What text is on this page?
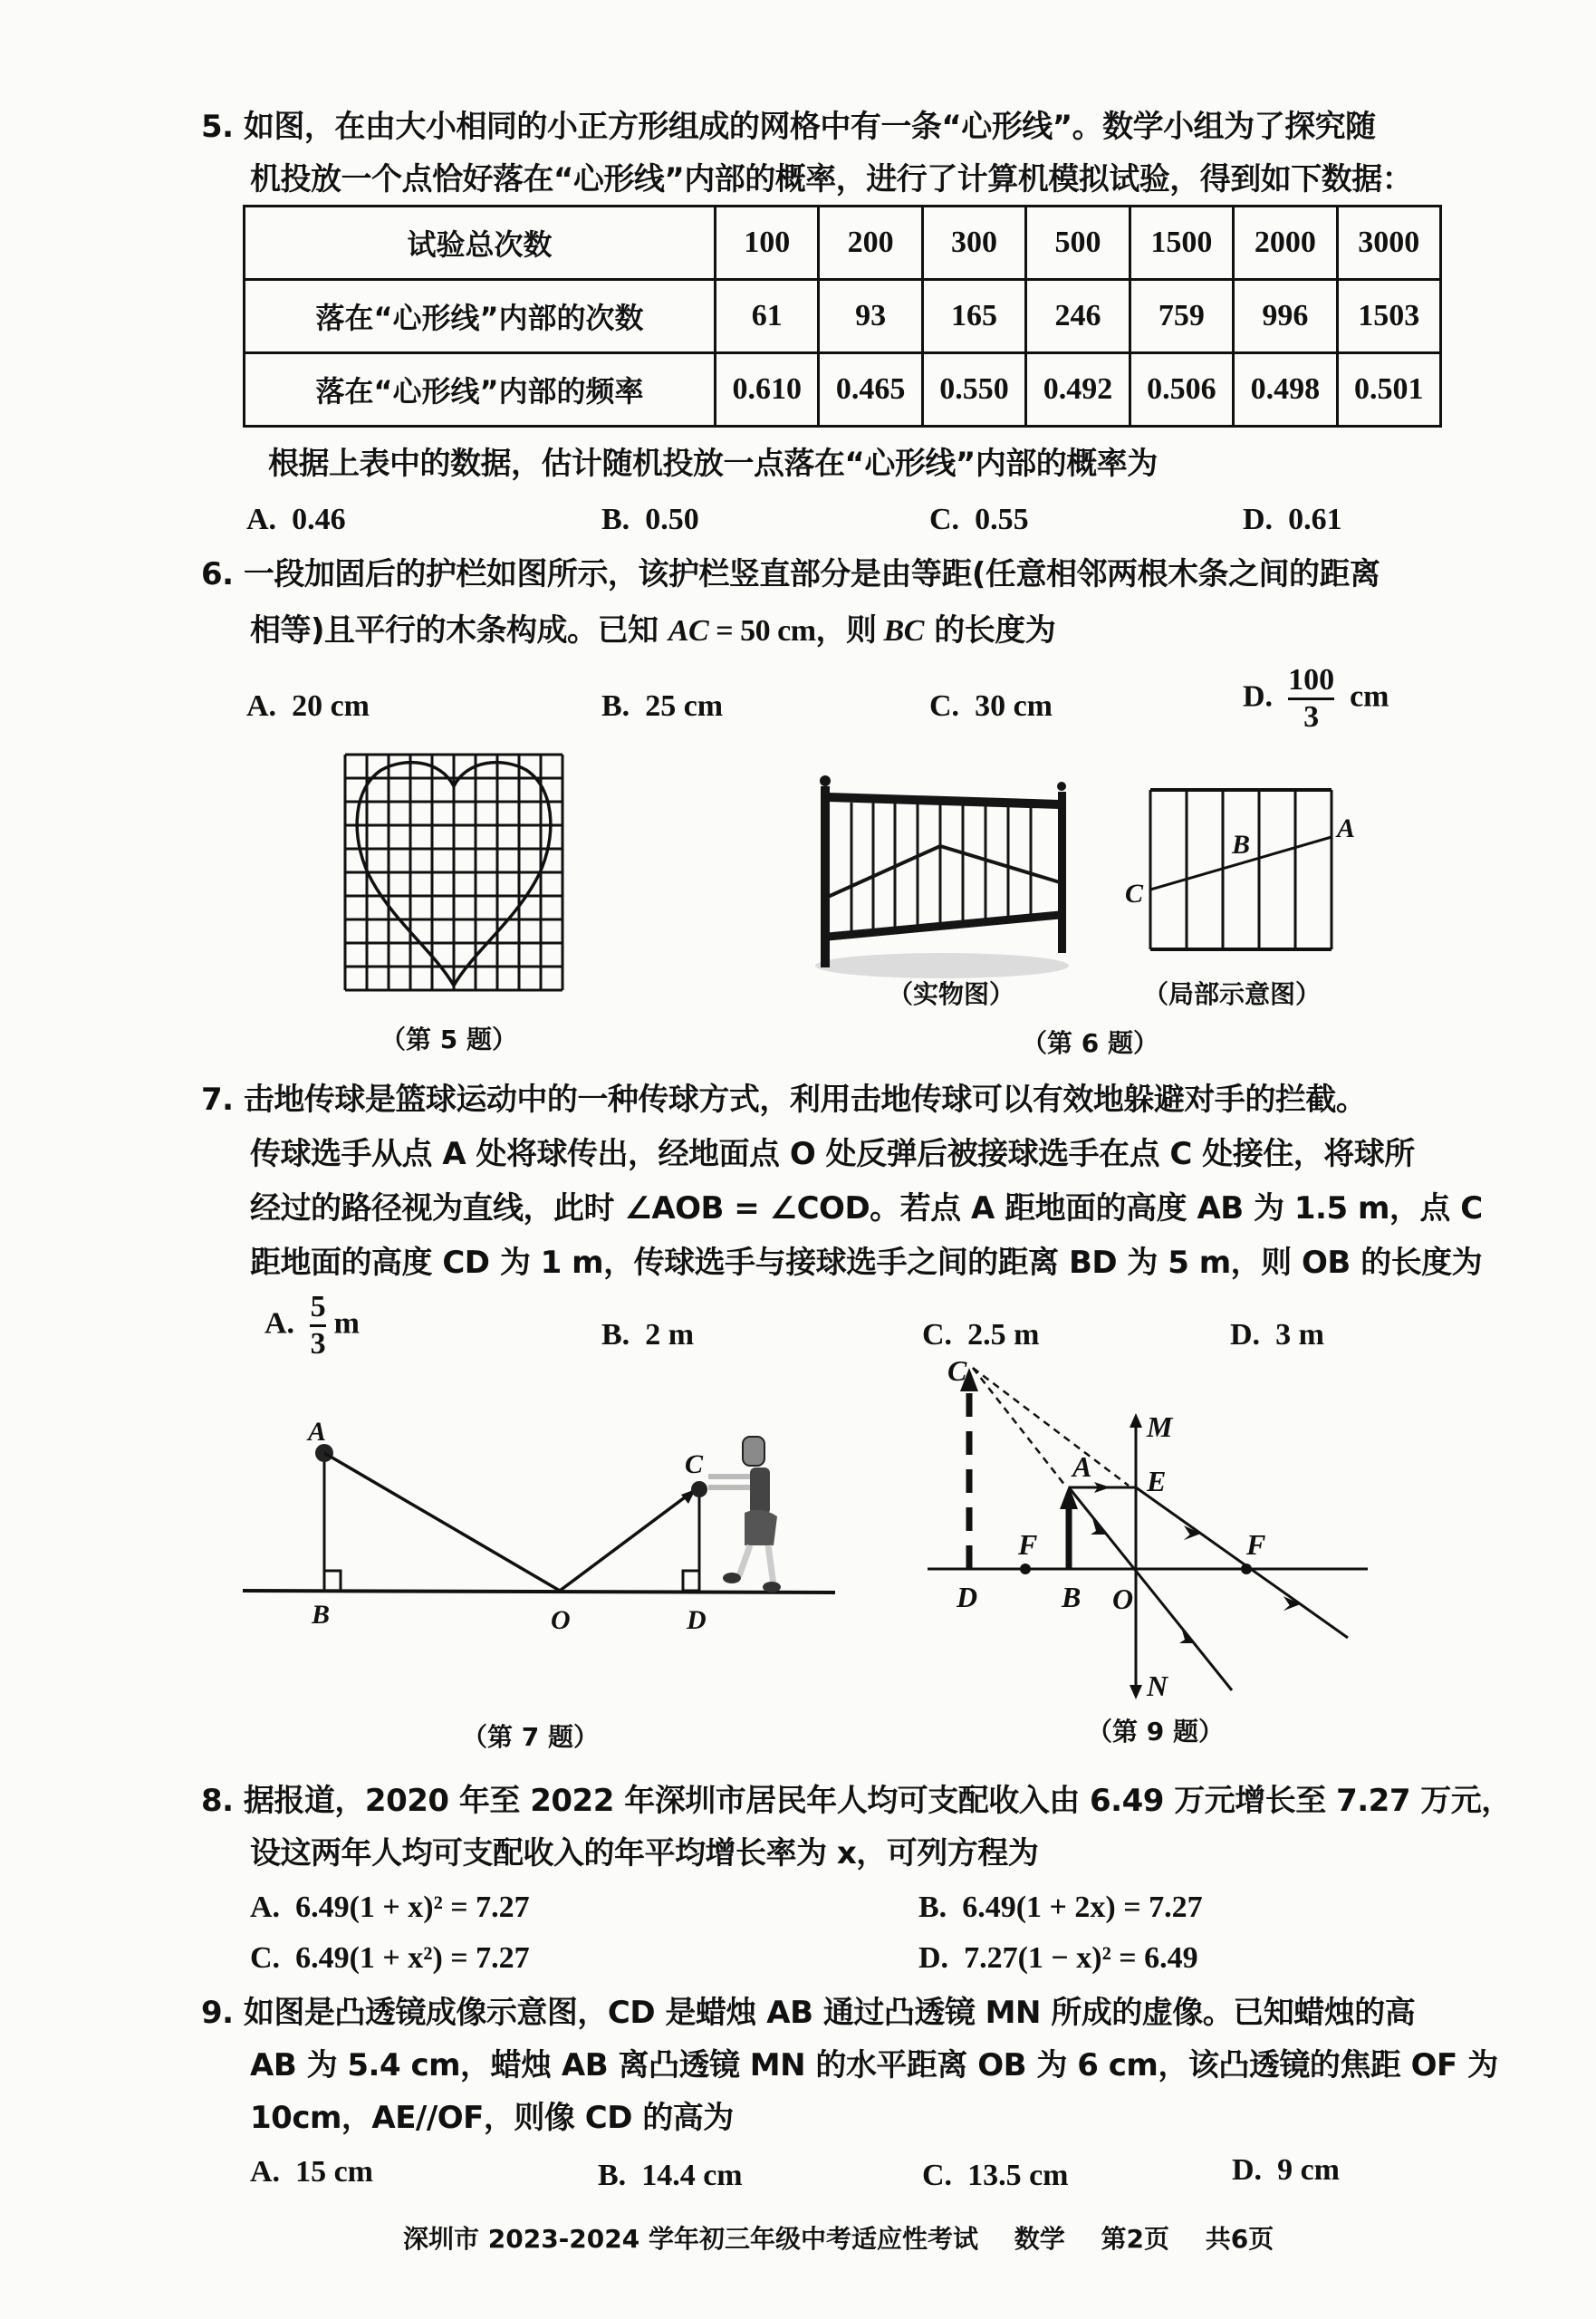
5. 如图，在由大小相同的小正方形组成的网格中有一条“心形线”。数学小组为了探究随
机投放一个点恰好落在“心形线”内部的概率，进行了计算机模拟试验，得到如下数据：
试验总次数	100	200	300	500	1500	2000	3000
落在“心形线”内部的次数	61	93	165	246	759	996	1503
落在“心形线”内部的频率	0.610	0.465	0.550	0.492	0.506	0.498	0.501
根据上表中的数据，估计随机投放一点落在“心形线”内部的概率为
A. 0.46	B. 0.50	C. 0.55	D. 0.61
6. 一段加固后的护栏如图所示，该护栏竖直部分是由等距(任意相邻两根木条之间的距离
相等)且平行的木条构成。已知 AC = 50 cm，则 BC 的长度为
A. 20 cm	B. 25 cm	C. 30 cm	D. $\frac{100}{3}$ cm
（第 5 题）
（实物图）
A
B
C
（局部示意图）
（第 6 题）
7. 击地传球是篮球运动中的一种传球方式，利用击地传球可以有效地躲避对手的拦截。
传球选手从点 A 处将球传出，经地面点 O 处反弹后被接球选手在点 C 处接住，将球所
经过的路径视为直线，此时 ∠AOB = ∠COD。若点 A 距地面的高度 AB 为 1.5 m，点 C
距地面的高度 CD 为 1 m，传球选手与接球选手之间的距离 BD 为 5 m，则 OB 的长度为
A. $\frac{5}{3}$ m	B. 2 m	C. 2.5 m	D. 3 m
A
B	O
C
D
（第 7 题）
C
M
A E
F	F
D	B O
N
（第 9 题）
8. 据报道，2020 年至 2022 年深圳市居民年人均可支配收入由 6.49 万元增长至 7.27 万元，
设这两年人均可支配收入的年平均增长率为 x，可列方程为
A. 6.49(1 + x)² = 7.27	B. 6.49(1 + 2x) = 7.27
C. 6.49(1 + x²) = 7.27	D. 7.27(1 − x)² = 6.49
9. 如图是凸透镜成像示意图，CD 是蜡烛 AB 通过凸透镜 MN 所成的虚像。已知蜡烛的高
AB 为 5.4 cm，蜡烛 AB 离凸透镜 MN 的水平距离 OB 为 6 cm，该凸透镜的焦距 OF 为
10cm，AE//OF，则像 CD 的高为
A. 15 cm	B. 14.4 cm	C. 13.5 cm	D. 9 cm
深圳市 2023-2024 学年初三年级中考适应性考试 数学 第2页 共6页
